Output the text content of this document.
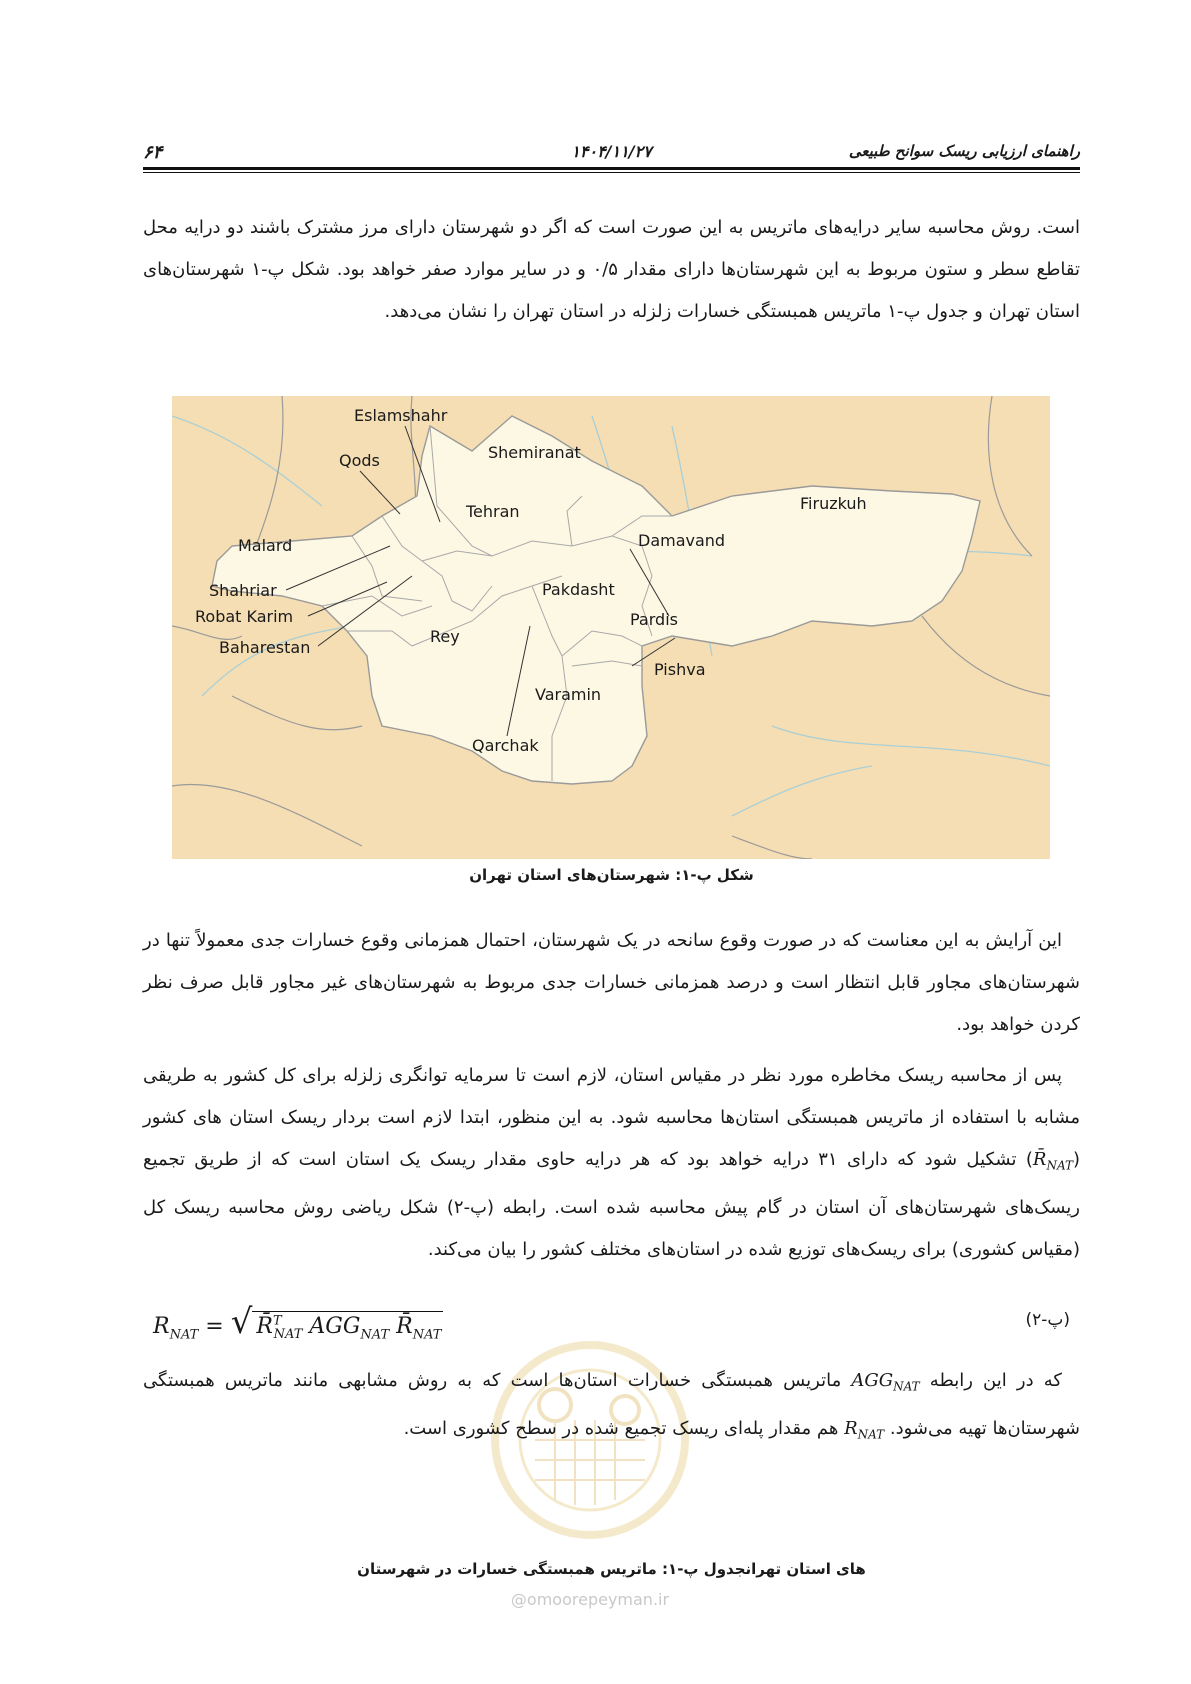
۶۴	۱۴۰۴/۱۱/۲۷	راهنمای ارزیابی ریسک سوانح طبیعی
است. روش محاسبه سایر درایه‌های ماتریس به این صورت است که اگر دو شهرستان دارای مرز مشترک باشند دو درایه محل تقاطع سطر و ستون مربوط به این شهرستان‌ها دارای مقدار ۰/۵ و در سایر موارد صفر خواهد بود. شکل پ-۱ شهرستان‌های استان تهران و جدول پ-۱ ماتریس همبستگی خسارات زلزله در استان تهران را نشان می‌دهد.
Eslamshahr
Qods	Shemiranat
Tehran	Firuzkuh
Damavand
Malard
Shahriar
Robat Karim
Baharestan
Pakdasht
Pardis
Rey
Pishva
Varamin
Qarchak
شکل پ-۱: شهرستان‌های استان تهران
این آرایش به این معناست که در صورت وقوع سانحه در یک شهرستان، احتمال همزمانی وقوع خسارات جدی معمولاً تنها در شهرستان‌های مجاور قابل انتظار است و درصد همزمانی خسارات جدی مربوط به شهرستان‌های غیر مجاور قابل صرف نظر کردن خواهد بود.
پس از محاسبه ریسک مخاطره مورد نظر در مقیاس استان، لازم است تا سرمایه توانگری زلزله برای کل کشور به طریقی مشابه با استفاده از ماتریس همبستگی استان‌ها محاسبه شود. به این منظور، ابتدا لازم است بردار ریسک استان های کشور $(R̄_{NAT})$ تشکیل شود که دارای ۳۱ درایه خواهد بود که هر درایه حاوی مقدار ریسک یک استان است که از طریق تجمیع ریسک‌های شهرستان‌های آن استان در گام پیش محاسبه شده است. رابطه (پ-۲) شکل ریاضی روش محاسبه ریسک کل (مقیاس کشوری) برای ریسک‌های توزیع شده در استان‌های مختلف کشور را بیان می‌کند.
$R_{NAT}$ = √ R̄$^T_{NAT}$ $AGG_{NAT}$ $R̄_{NAT}$
(پ-۲)
@omoorepeyman.ir
که در این رابطه $AGG_{NAT}$ ماتریس همبستگی خسارات استان‌ها است که به روش مشابهی مانند ماتریس همبستگی شهرستان‌ها تهیه می‌شود. $R_{NAT}$ هم مقدار پله‌ای ریسک تجمیع شده در سطح کشوری است.
های استان تهرانجدول پ-۱: ماتریس همبستگی خسارات در شهرستان
